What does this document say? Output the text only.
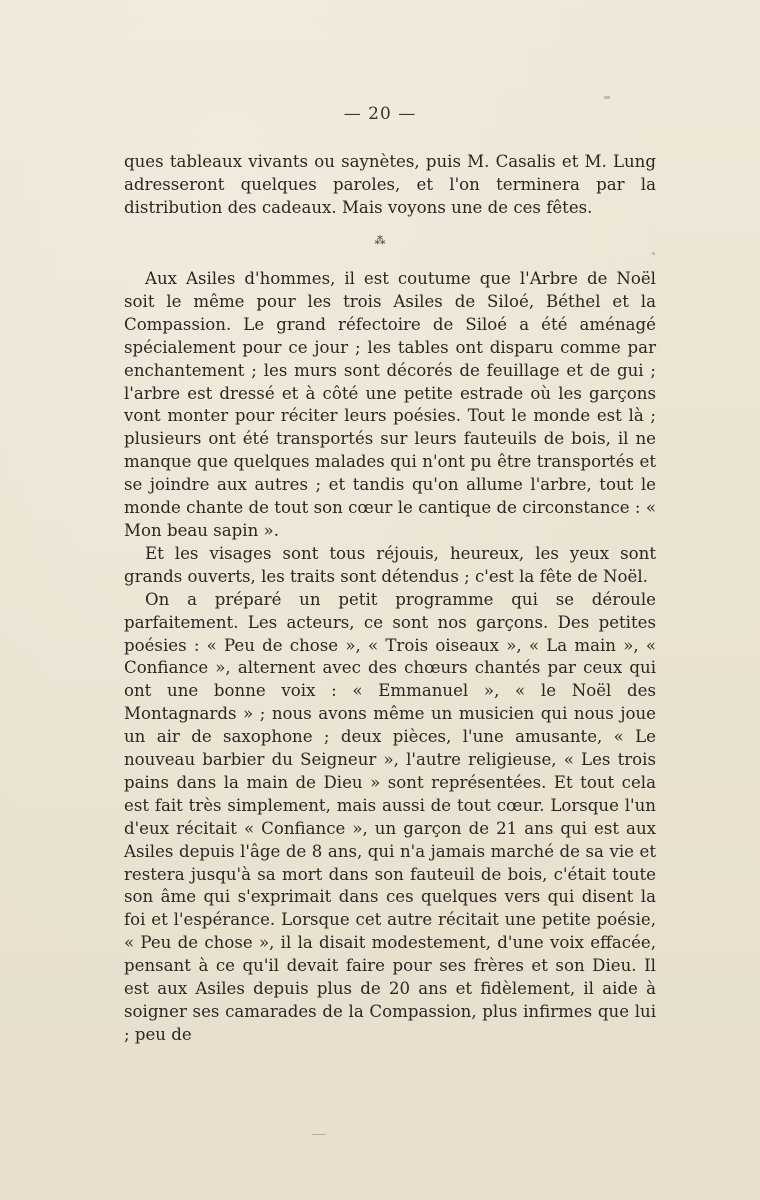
— 20 —

ques tableaux vivants ou saynètes, puis M. Casalis et M. Lung adresseront quelques paroles, et l'on terminera par la distribution des cadeaux. Mais voyons une de ces fêtes.

⁂

Aux Asiles d'hommes, il est coutume que l'Arbre de Noël soit le même pour les trois Asiles de Siloé, Béthel et la Compassion. Le grand réfectoire de Siloé a été aménagé spécialement pour ce jour ; les tables ont disparu comme par enchantement ; les murs sont décorés de feuillage et de gui ; l'arbre est dressé et à côté une petite estrade où les garçons vont monter pour réciter leurs poésies. Tout le monde est là ; plusieurs ont été transportés sur leurs fauteuils de bois, il ne manque que quelques malades qui n'ont pu être transportés et se joindre aux autres ; et tandis qu'on allume l'arbre, tout le monde chante de tout son cœur le cantique de circonstance : « Mon beau sapin ».

Et les visages sont tous réjouis, heureux, les yeux sont grands ouverts, les traits sont détendus ; c'est la fête de Noël.

On a préparé un petit programme qui se déroule parfaitement. Les acteurs, ce sont nos garçons. Des petites poésies : « Peu de chose », « Trois oiseaux », « La main », « Confiance », alternent avec des chœurs chantés par ceux qui ont une bonne voix : « Emmanuel », « le Noël des Montagnards » ; nous avons même un musicien qui nous joue un air de saxophone ; deux pièces, l'une amusante, « Le nouveau barbier du Seigneur », l'autre religieuse, « Les trois pains dans la main de Dieu » sont représentées. Et tout cela est fait très simplement, mais aussi de tout cœur. Lorsque l'un d'eux récitait « Confiance », un garçon de 21 ans qui est aux Asiles depuis l'âge de 8 ans, qui n'a jamais marché de sa vie et restera jusqu'à sa mort dans son fauteuil de bois, c'était toute son âme qui s'exprimait dans ces quelques vers qui disent la foi et l'espérance. Lorsque cet autre récitait une petite poésie, « Peu de chose », il la disait modestement, d'une voix effacée, pensant à ce qu'il devait faire pour ses frères et son Dieu. Il est aux Asiles depuis plus de 20 ans et fidèlement, il aide à soigner ses camarades de la Compassion, plus infirmes que lui ; peu de
